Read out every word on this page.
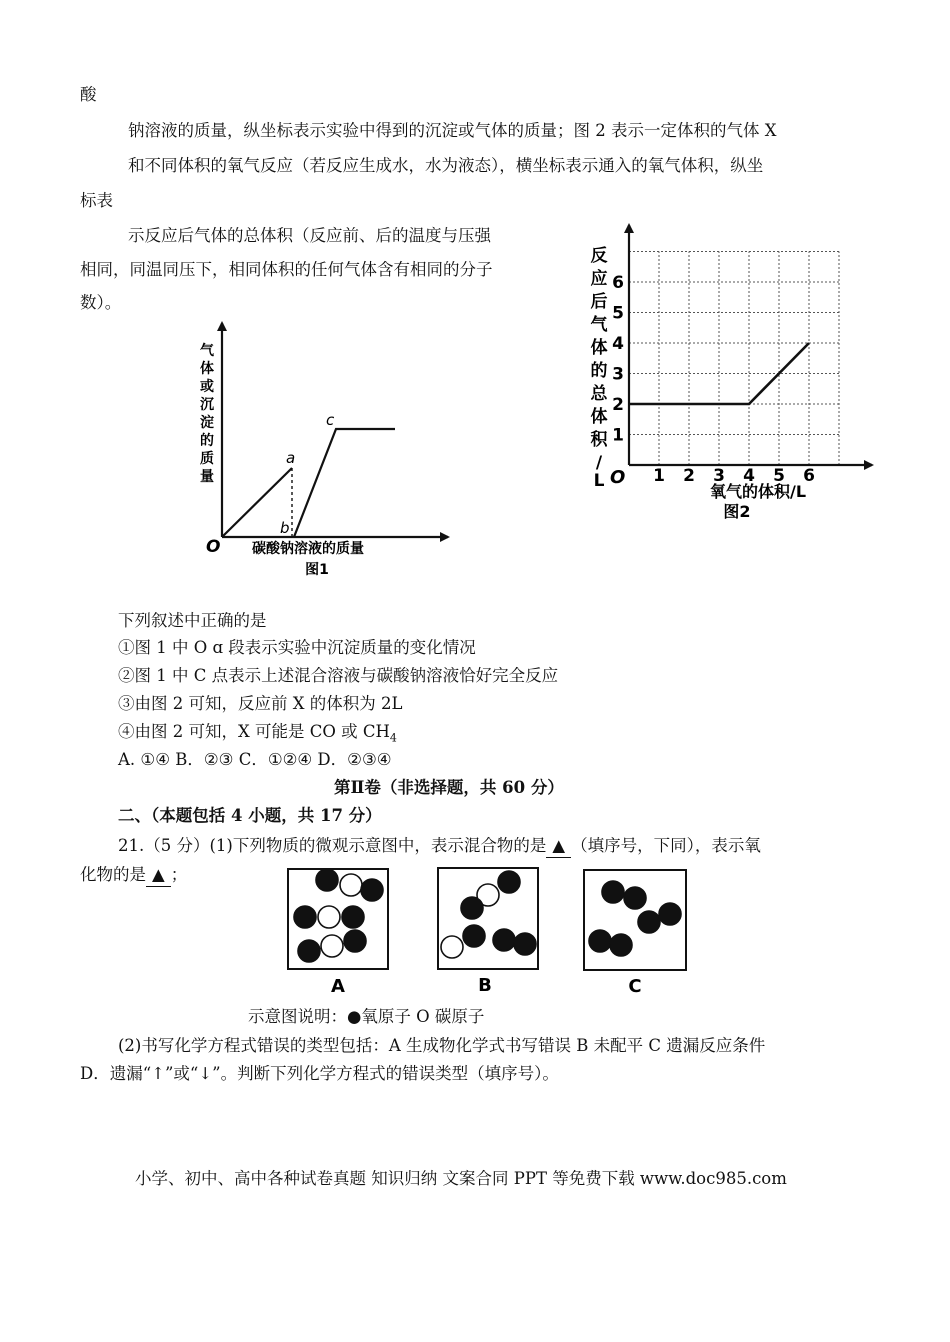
酸
钠溶液的质量，纵坐标表示实验中得到的沉淀或气体的质量；图 2 表示一定体积的气体 X
和不同体积的氧气反应（若反应生成水，水为液态），横坐标表示通入的氧气体积，纵坐
标表
示反应后气体的总体积（反应前、后的温度与压强
相同，同温同压下，相同体积的任何气体含有相同的分子
数）。
气
体
或
沉
淀
的
质
量
O
a
b
c
碳酸钠溶液的质量
图1
1 2 3 4 5 6
1
2
3
4
5
6
O
反
应
后
气
体
的
总
体
积
/
L
氧气的体积/L
图2
下列叙述中正确的是
①图 1 中 O ɑ 段表示实验中沉淀质量的变化情况
②图 1 中 C 点表示上述混合溶液与碳酸钠溶液恰好完全反应
③由图 2 可知，反应前 X 的体积为 2L
④由图 2 可知，X 可能是 CO 或 $CH_4$
A. ①④ B．②③ C．①②④ D．②③④
第Ⅱ卷（非选择题，共 60 分）
二、（本题包括 4 小题，共 17 分）
21.（5 分）(1)下列物质的微观示意图中，表示混合物的是 ▲ （填序号，下同），表示氧
化物的是 ▲ ；
A	B	C
示意图说明：●氧原子 O 碳原子
(2)书写化学方程式错误的类型包括：A 生成物化学式书写错误 B 未配平 C 遗漏反应条件
D．遗漏“↑”或“↓”。判断下列化学方程式的错误类型（填序号）。
小学、初中、高中各种试卷真题 知识归纳 文案合同 PPT 等免费下载 www.doc985.com
